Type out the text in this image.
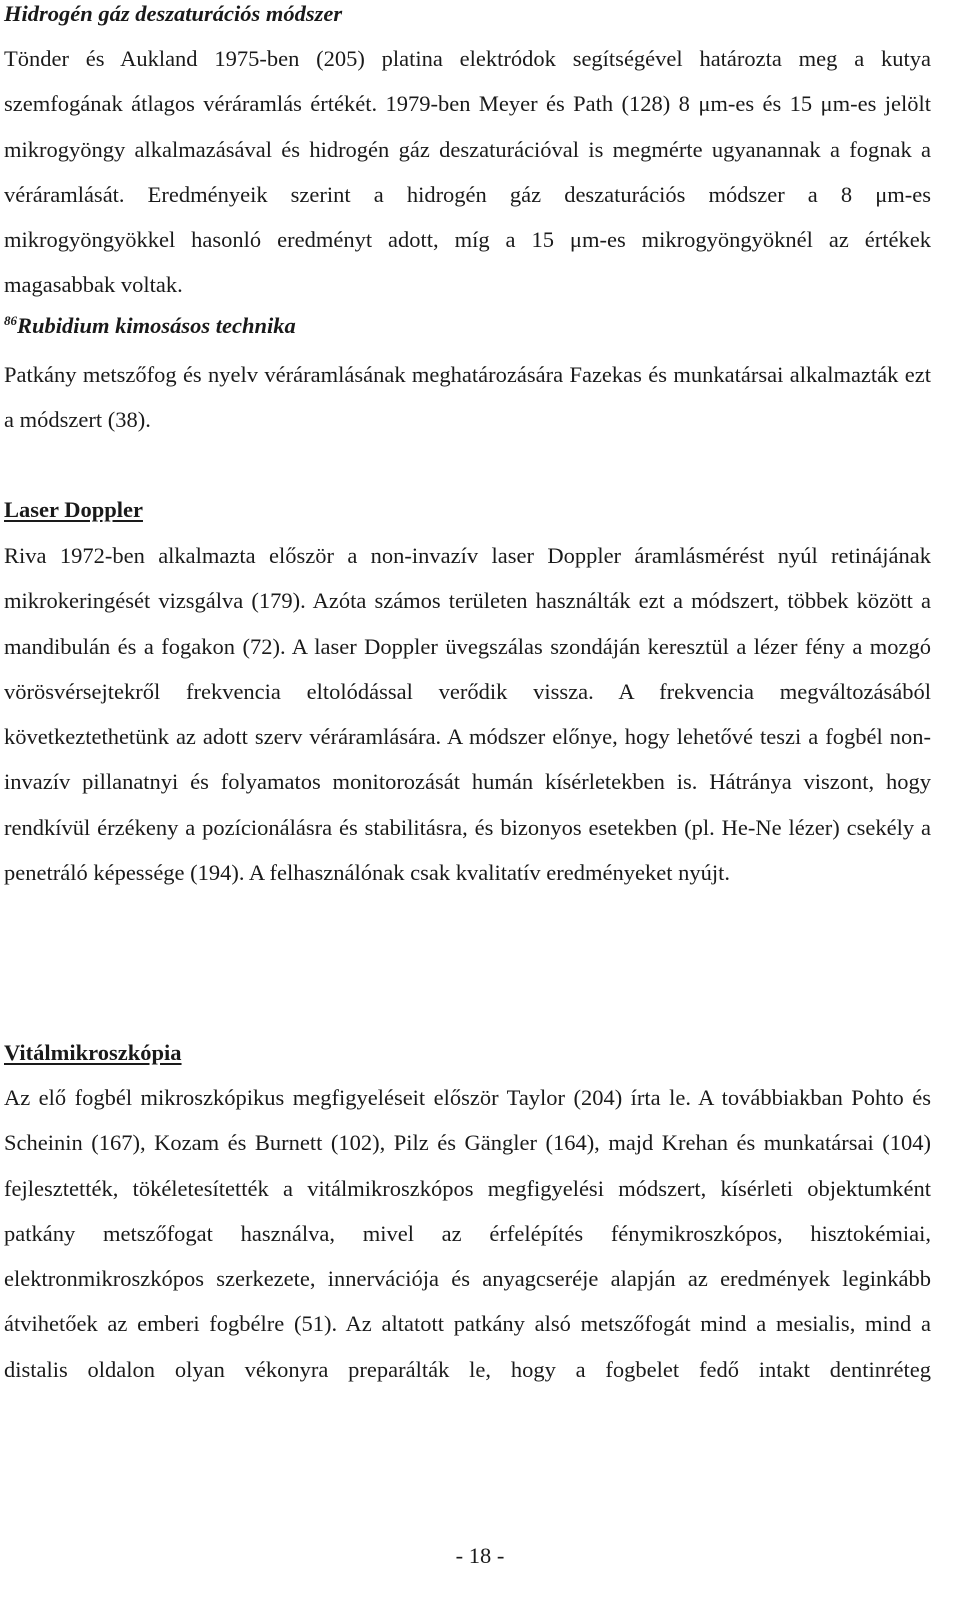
Hidrogén gáz deszaturációs módszer

Tönder és Aukland 1975-ben (205) platina elektródok segítségével határozta meg a kutya szemfogának átlagos véráramlás értékét. 1979-ben Meyer és Path (128) 8 μm-es és 15 μm-es jelölt mikrogyöngy alkalmazásával és hidrogén gáz deszaturációval is megmérte ugyanannak a fognak a véráramlását. Eredményeik szerint a hidrogén gáz deszaturációs módszer a 8 μm-es mikrogyöngyökkel hasonló eredményt adott, míg a 15 μm-es mikrogyöngyöknél az értékek magasabbak voltak.

$^{86}$Rubidium kimosásos technika

Patkány metszőfog és nyelv véráramlásának meghatározására Fazekas és munkatársai alkalmazták ezt a módszert (38).

Laser Doppler

Riva 1972-ben alkalmazta először a non-invazív laser Doppler áramlásmérést nyúl retinájának mikrokeringését vizsgálva (179). Azóta számos területen használták ezt a módszert, többek között a mandibulán és a fogakon (72). A laser Doppler üvegszálas szondáján keresztül a lézer fény a mozgó vörösvérsejtekről frekvencia eltolódással verődik vissza. A frekvencia megváltozásából következtethetünk az adott szerv véráramlására. A módszer előnye, hogy lehetővé teszi a fogbél non-invazív pillanatnyi és folyamatos monitorozását humán kísérletekben is. Hátránya viszont, hogy rendkívül érzékeny a pozícionálásra és stabilitásra, és bizonyos esetekben (pl. He-Ne lézer) csekély a penetráló képessége (194). A felhasználónak csak kvalitatív eredményeket nyújt.

Vitálmikroszkópia

Az elő fogbél mikroszkópikus megfigyeléseit először Taylor (204) írta le. A továbbiakban Pohto és Scheinin (167), Kozam és Burnett (102), Pilz és Gängler (164), majd Krehan és munkatársai (104) fejlesztették, tökéletesítették a vitálmikroszkópos megfigyelési módszert, kísérleti objektumként patkány metszőfogat használva, mivel az érfelépítés fénymikroszkópos, hisztokémiai, elektronmikroszkópos szerkezete, innervációja és anyagcseréje alapján az eredmények leginkább átvihetőek az emberi fogbélre (51). Az altatott patkány alsó metszőfogát mind a mesialis, mind a distalis oldalon olyan vékonyra preparálták le, hogy a fogbelet fedő intakt dentinréteg

- 18 -
